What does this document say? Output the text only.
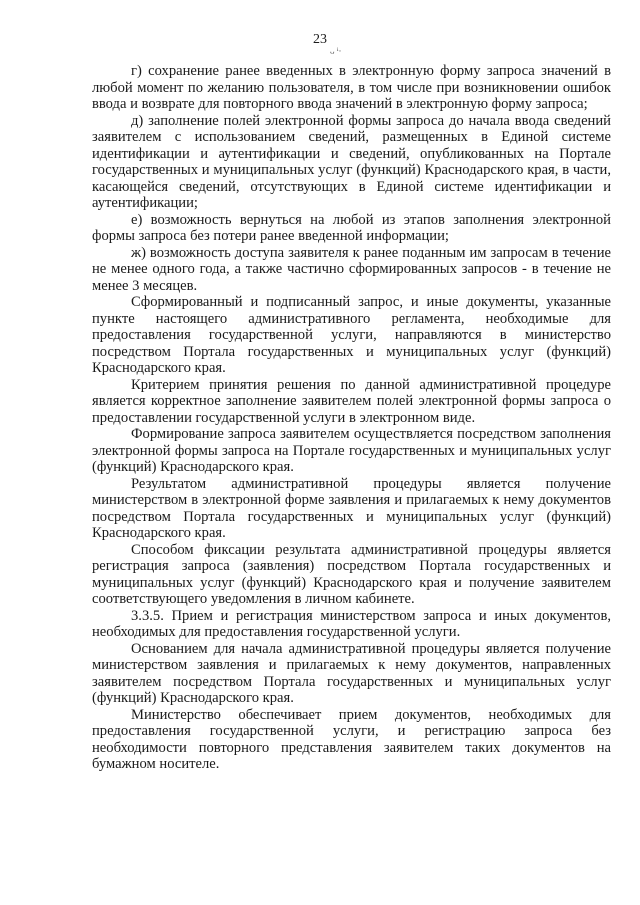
23
ᴗ ⁱ·

г) сохранение ранее введенных в электронную форму запроса значений в любой момент по желанию пользователя, в том числе при возникновении ошибок ввода и возврате для повторного ввода значений в электронную форму запроса;

д) заполнение полей электронной формы запроса до начала ввода сведений заявителем с использованием сведений, размещенных в Единой системе идентификации и аутентификации и сведений, опубликованных на Портале государственных и муниципальных услуг (функций) Краснодарского края, в части, касающейся сведений, отсутствующих в Единой системе идентификации и аутентификации;

е) возможность вернуться на любой из этапов заполнения электронной формы запроса без потери ранее введенной информации;

ж) возможность доступа заявителя к ранее поданным им запросам в течение не менее одного года, а также частично сформированных запросов - в течение не менее 3 месяцев.

Сформированный и подписанный запрос, и иные документы, указанные пункте настоящего административного регламента, необходимые для предоставления государственной услуги, направляются в министерство посредством Портала государственных и муниципальных услуг (функций) Краснодарского края.

Критерием принятия решения по данной административной процедуре является корректное заполнение заявителем полей электронной формы запроса о предоставлении государственной услуги в электронном виде.

Формирование запроса заявителем осуществляется посредством заполнения электронной формы запроса на Портале государственных и муниципальных услуг (функций) Краснодарского края.

Результатом административной процедуры является получение министерством в электронной форме заявления и прилагаемых к нему документов посредством Портала государственных и муниципальных услуг (функций) Краснодарского края.

Способом фиксации результата административной процедуры является регистрация запроса (заявления) посредством Портала государственных и муниципальных услуг (функций) Краснодарского края и получение заявителем соответствующего уведомления в личном кабинете.

3.3.5. Прием и регистрация министерством запроса и иных документов, необходимых для предоставления государственной услуги.

Основанием для начала административной процедуры является получение министерством заявления и прилагаемых к нему документов, направленных заявителем посредством Портала государственных и муниципальных услуг (функций) Краснодарского края.

Министерство обеспечивает прием документов, необходимых для предоставления государственной услуги, и регистрацию запроса без необходимости повторного представления заявителем таких документов на бумажном носителе.
